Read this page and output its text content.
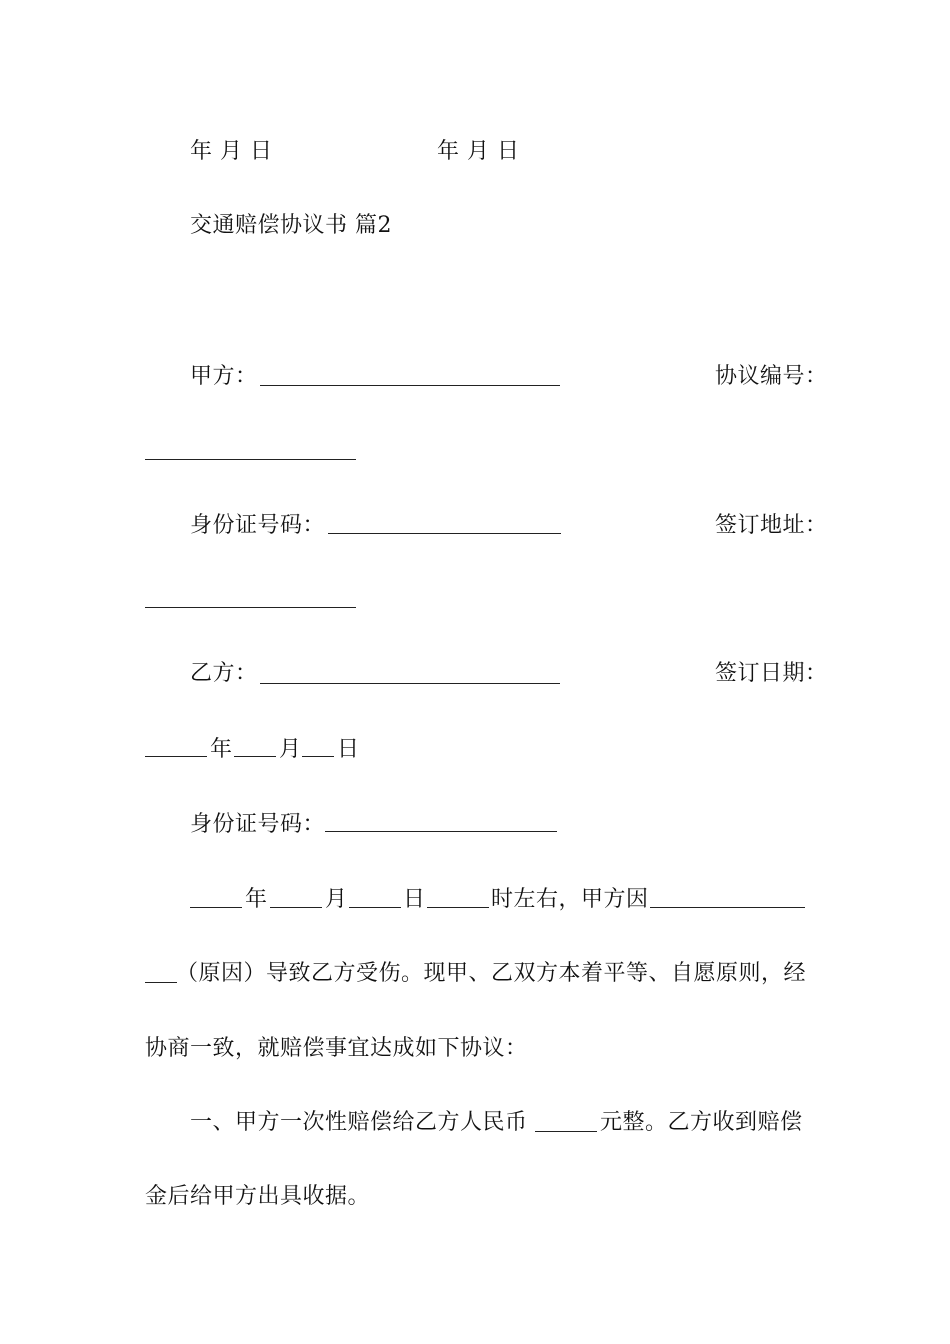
年 月 日	年 月 日
交通赔偿协议书 篇2
甲方：	协议编号：
身份证号码：	签订地址：
乙方：	签订日期：
年 月 日
身份证号码：
年	月	日	时左右，甲方因
（原因）导致乙方受伤。现甲、乙双方本着平等、自愿原则，经
协商一致，就赔偿事宜达成如下协议：
一、甲方一次性赔偿给乙方人民币	元整。乙方收到赔偿
金后给甲方出具收据。
